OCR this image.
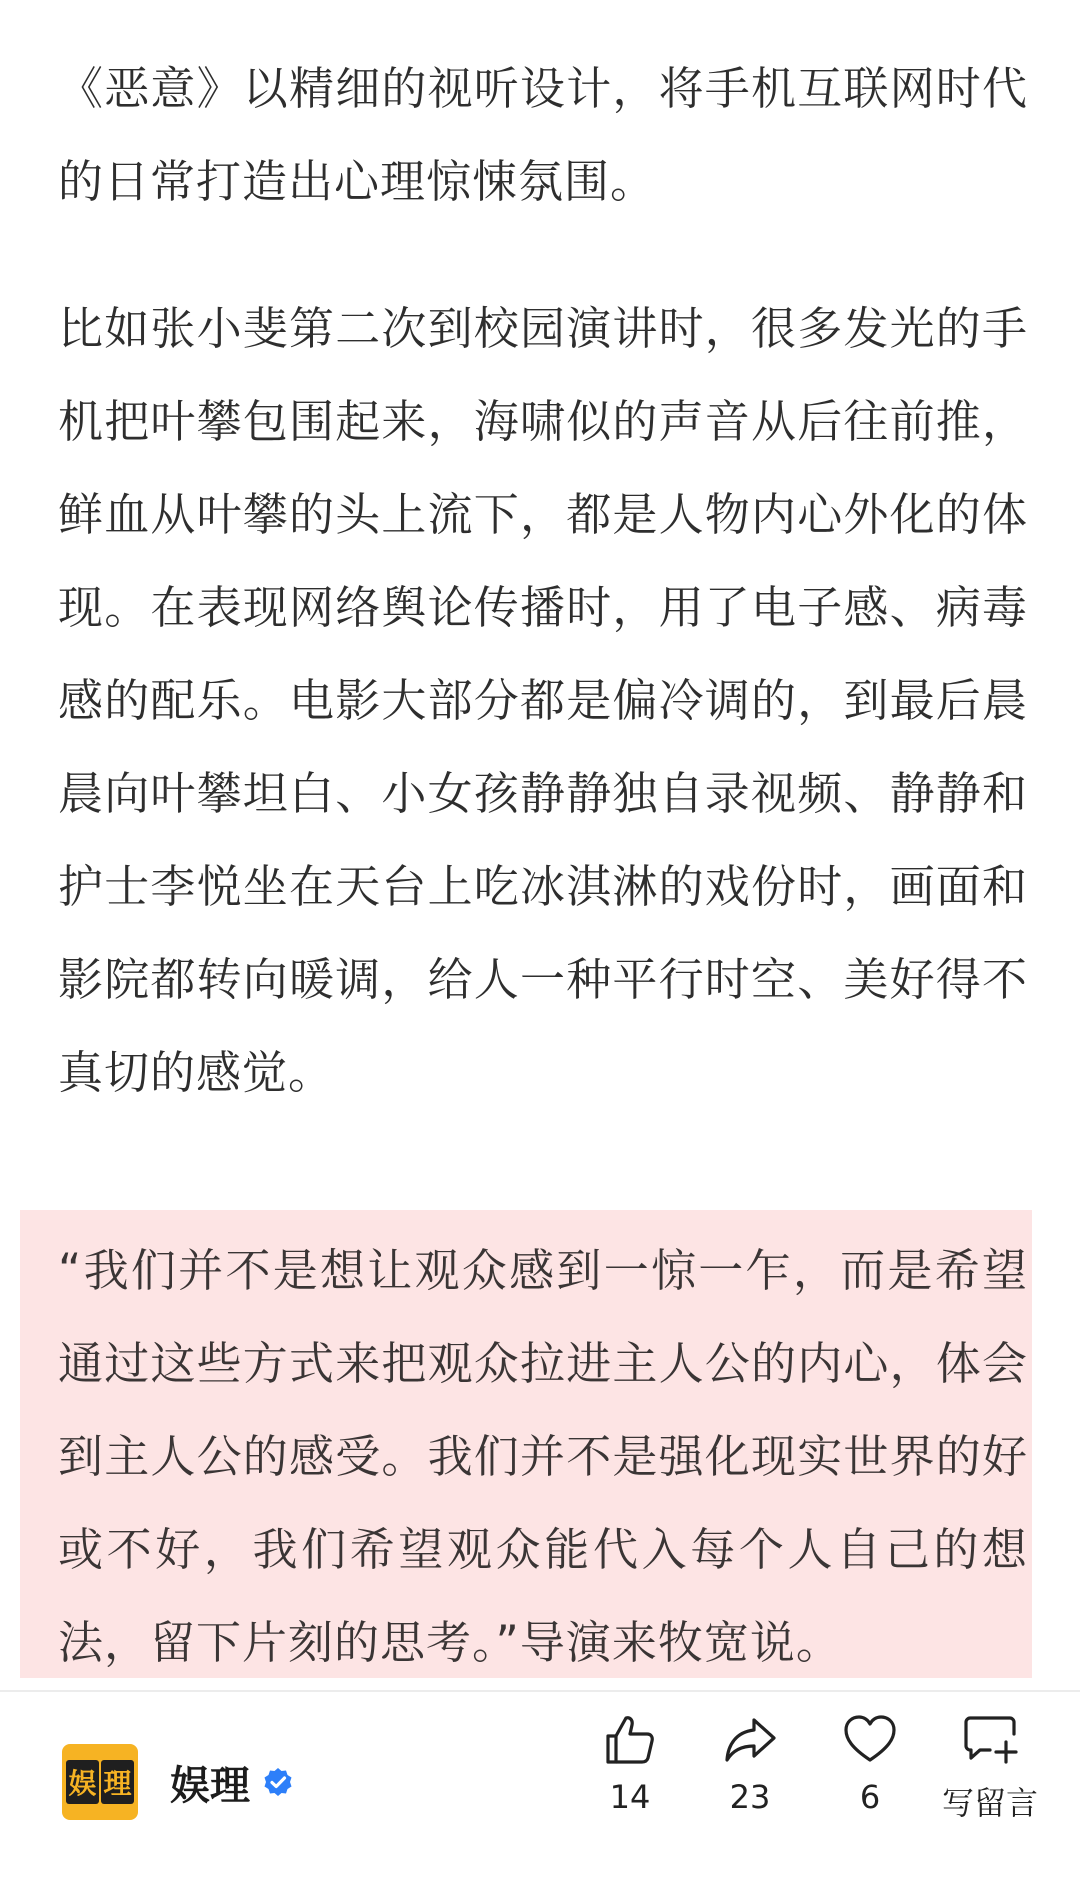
《恶意》以精细的视听设计，将手机互联网时代的日常打造出心理惊悚氛围。

比如张小斐第二次到校园演讲时，很多发光的手机把叶攀包围起来，海啸似的声音从后往前推，鲜血从叶攀的头上流下，都是人物内心外化的体现。在表现网络舆论传播时，用了电子感、病毒感的配乐。电影大部分都是偏冷调的，到最后晨晨向叶攀坦白、小女孩静静独自录视频、静静和护士李悦坐在天台上吃冰淇淋的戏份时，画面和影院都转向暖调，给人一种平行时空、美好得不真切的感觉。

“我们并不是想让观众感到一惊一乍，而是希望通过这些方式来把观众拉进主人公的内心，体会到主人公的感受。我们并不是强化现实世界的好或不好，我们希望观众能代入每个人自己的想法，留下片刻的思考。”导演来牧宽说。

娱 理 娱理	14	23	6	写留言
